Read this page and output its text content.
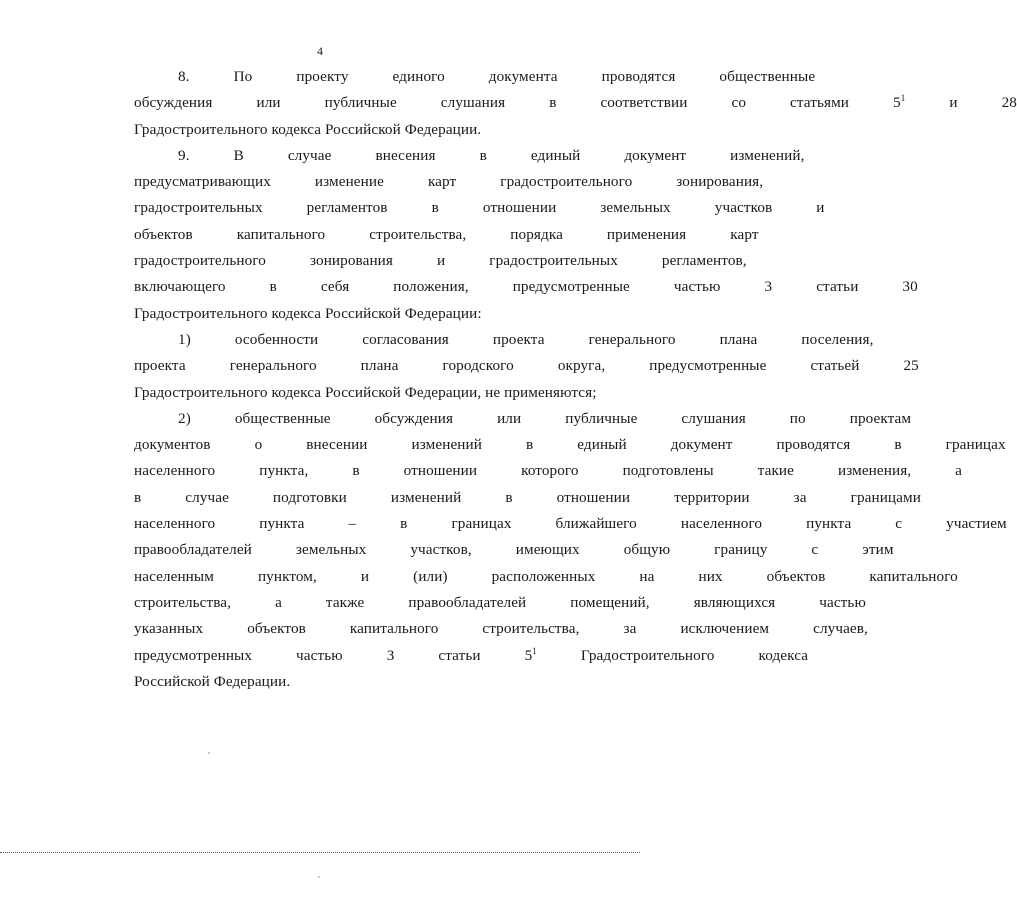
4
8.	По	проекту	единого	документа	проводятся	общественные
обсуждения	или	публичные	слушания	в	соответствии	со	статьями	$5^1$	и	28
Градостроительного кодекса Российской Федерации.
9.	В	случае	внесения	в	единый	документ	изменений,
предусматривающих	изменение	карт	градостроительного	зонирования,
градостроительных	регламентов	в	отношении	земельных	участков	и
объектов	капитального	строительства,	порядка	применения	карт
градостроительного	зонирования	и	градостроительных	регламентов,
включающего	в	себя	положения,	предусмотренные	частью	3	статьи	30
Градостроительного кодекса Российской Федерации:
1)	особенности	согласования	проекта	генерального	плана	поселения,
проекта	генерального	плана	городского	округа,	предусмотренные	статьей	25
Градостроительного кодекса Российской Федерации, не применяются;
2)	общественные	обсуждения	или	публичные	слушания	по	проектам
документов	о	внесении	изменений	в	единый	документ	проводятся	в	границах
населенного	пункта,	в	отношении	которого	подготовлены	такие	изменения,	а
в	случае	подготовки	изменений	в	отношении	территории	за	границами
населенного	пункта	–	в	границах	ближайшего	населенного	пункта	с	участием
правообладателей	земельных	участков,	имеющих	общую	границу	с	этим
населенным	пунктом,	и	(или)	расположенных	на	них	объектов	капитального
строительства,	а	также	правообладателей	помещений,	являющихся	частью
указанных	объектов	капитального	строительства,	за	исключением	случаев,
предусмотренных	частью	3	статьи	$5^1$	Градостроительного	кодекса
Российской Федерации.
